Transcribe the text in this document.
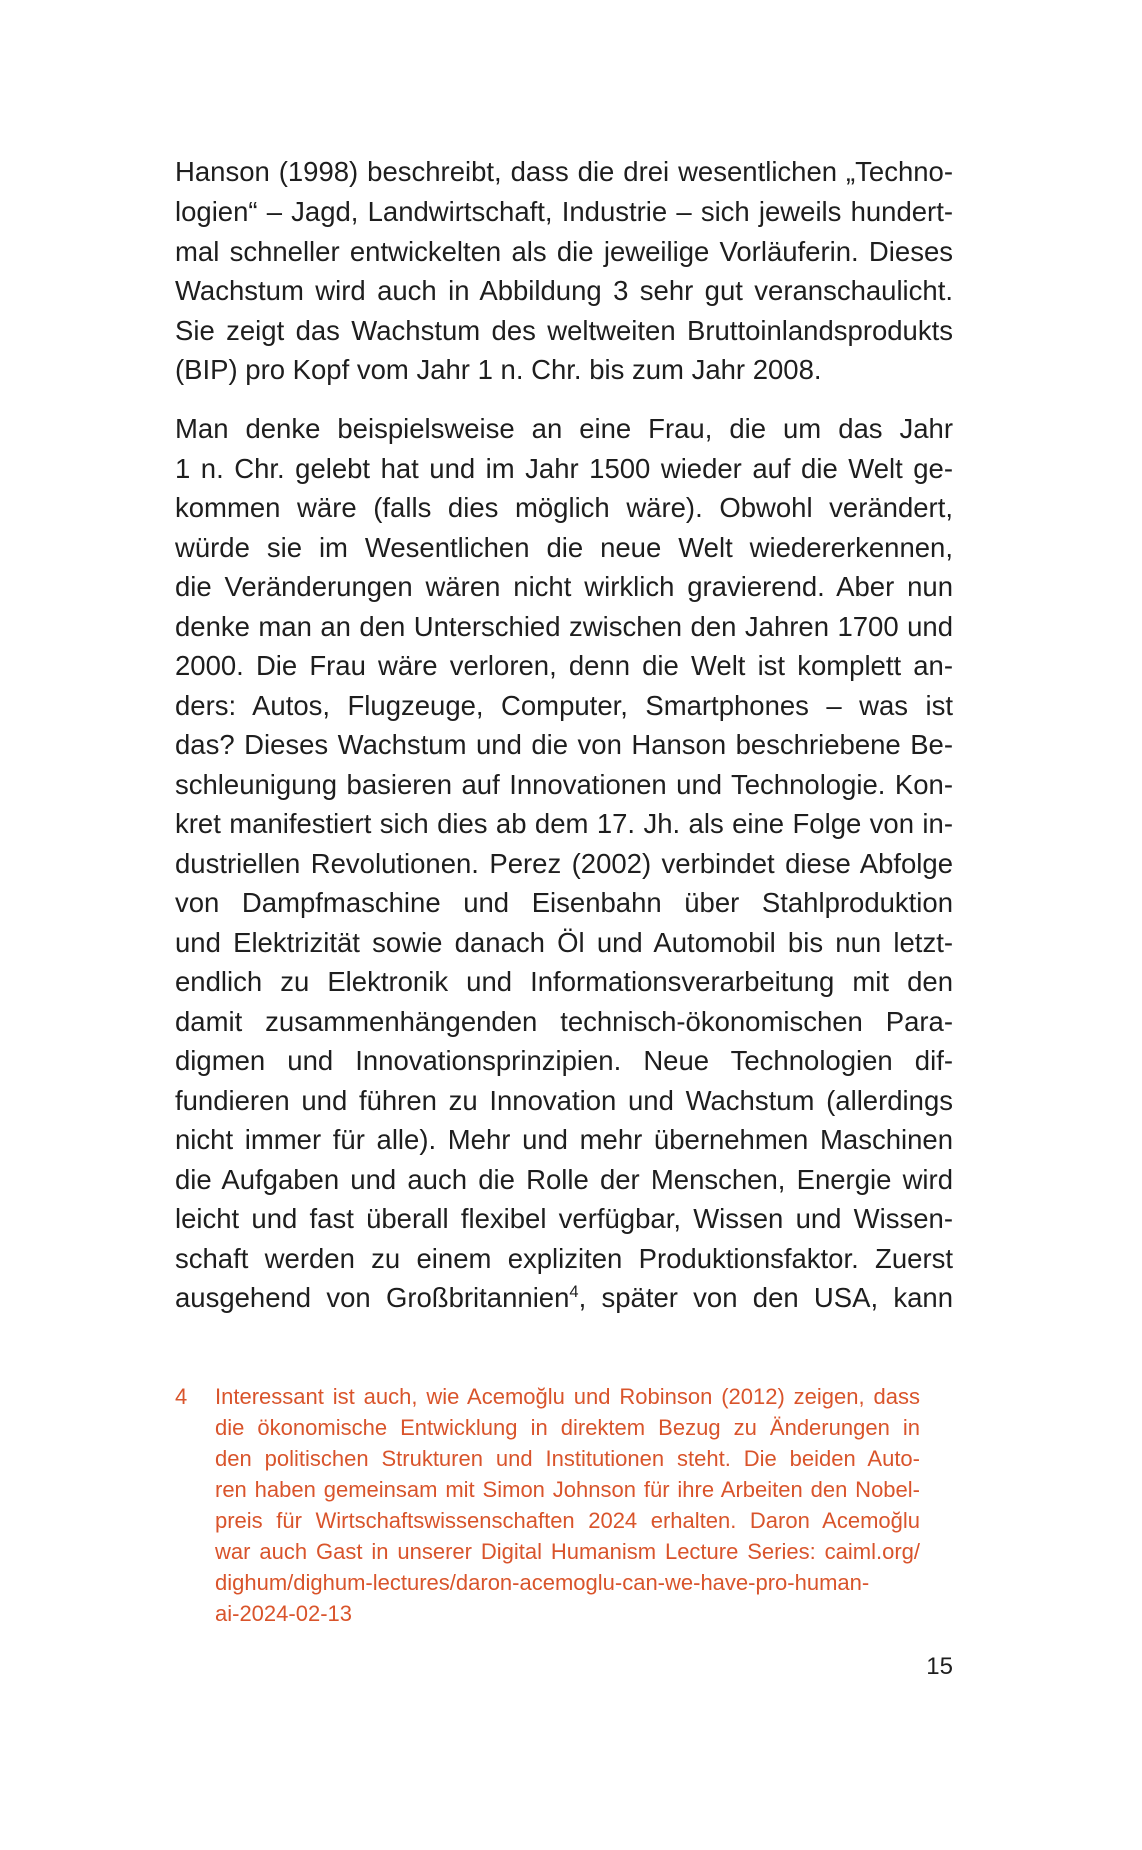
Hanson (1998) beschreibt, dass die drei wesentlichen „Techno-
logien“ – Jagd, Landwirtschaft, Industrie – sich jeweils hundert-
mal schneller entwickelten als die jeweilige Vorläuferin. Dieses
Wachstum wird auch in Abbildung 3 sehr gut veranschaulicht.
Sie zeigt das Wachstum des weltweiten Bruttoinlandsprodukts
(BIP) pro Kopf vom Jahr 1 n. Chr. bis zum Jahr 2008.
Man denke beispielsweise an eine Frau, die um das Jahr
1 n. Chr. gelebt hat und im Jahr 1500 wieder auf die Welt ge-
kommen wäre (falls dies möglich wäre). Obwohl verändert,
würde sie im Wesentlichen die neue Welt wiedererkennen,
die Veränderungen wären nicht wirklich gravierend. Aber nun
denke man an den Unterschied zwischen den Jahren 1700 und
2000. Die Frau wäre verloren, denn die Welt ist komplett an-
ders: Autos, Flugzeuge, Computer, Smartphones – was ist
das? Dieses Wachstum und die von Hanson beschriebene Be-
schleunigung basieren auf Innovationen und Technologie. Kon-
kret manifestiert sich dies ab dem 17. Jh. als eine Folge von in-
dustriellen Revolutionen. Perez (2002) verbindet diese Abfolge
von Dampfmaschine und Eisenbahn über Stahlproduktion
und Elektrizität sowie danach Öl und Automobil bis nun letzt-
endlich zu Elektronik und Informationsverarbeitung mit den
damit zusammenhängenden technisch-ökonomischen Para-
digmen und Innovationsprinzipien. Neue Technologien dif-
fundieren und führen zu Innovation und Wachstum (allerdings
nicht immer für alle). Mehr und mehr übernehmen Maschinen
die Aufgaben und auch die Rolle der Menschen, Energie wird
leicht und fast überall flexibel verfügbar, Wissen und Wissen-
schaft werden zu einem expliziten Produktionsfaktor. Zuerst
ausgehend von Großbritannien$^4$, später von den USA, kann
4 Interessant ist auch, wie Acemoğlu und Robinson (2012) zeigen, dass
die ökonomische Entwicklung in direktem Bezug zu Änderungen in
den politischen Strukturen und Institutionen steht. Die beiden Auto-
ren haben gemeinsam mit Simon Johnson für ihre Arbeiten den Nobel-
preis für Wirtschaftswissenschaften 2024 erhalten. Daron Acemoğlu
war auch Gast in unserer Digital Humanism Lecture Series: caiml.org/
dighum/dighum-lectures/daron-acemoglu-can-we-have-pro-human-
ai-2024-02-13
15
